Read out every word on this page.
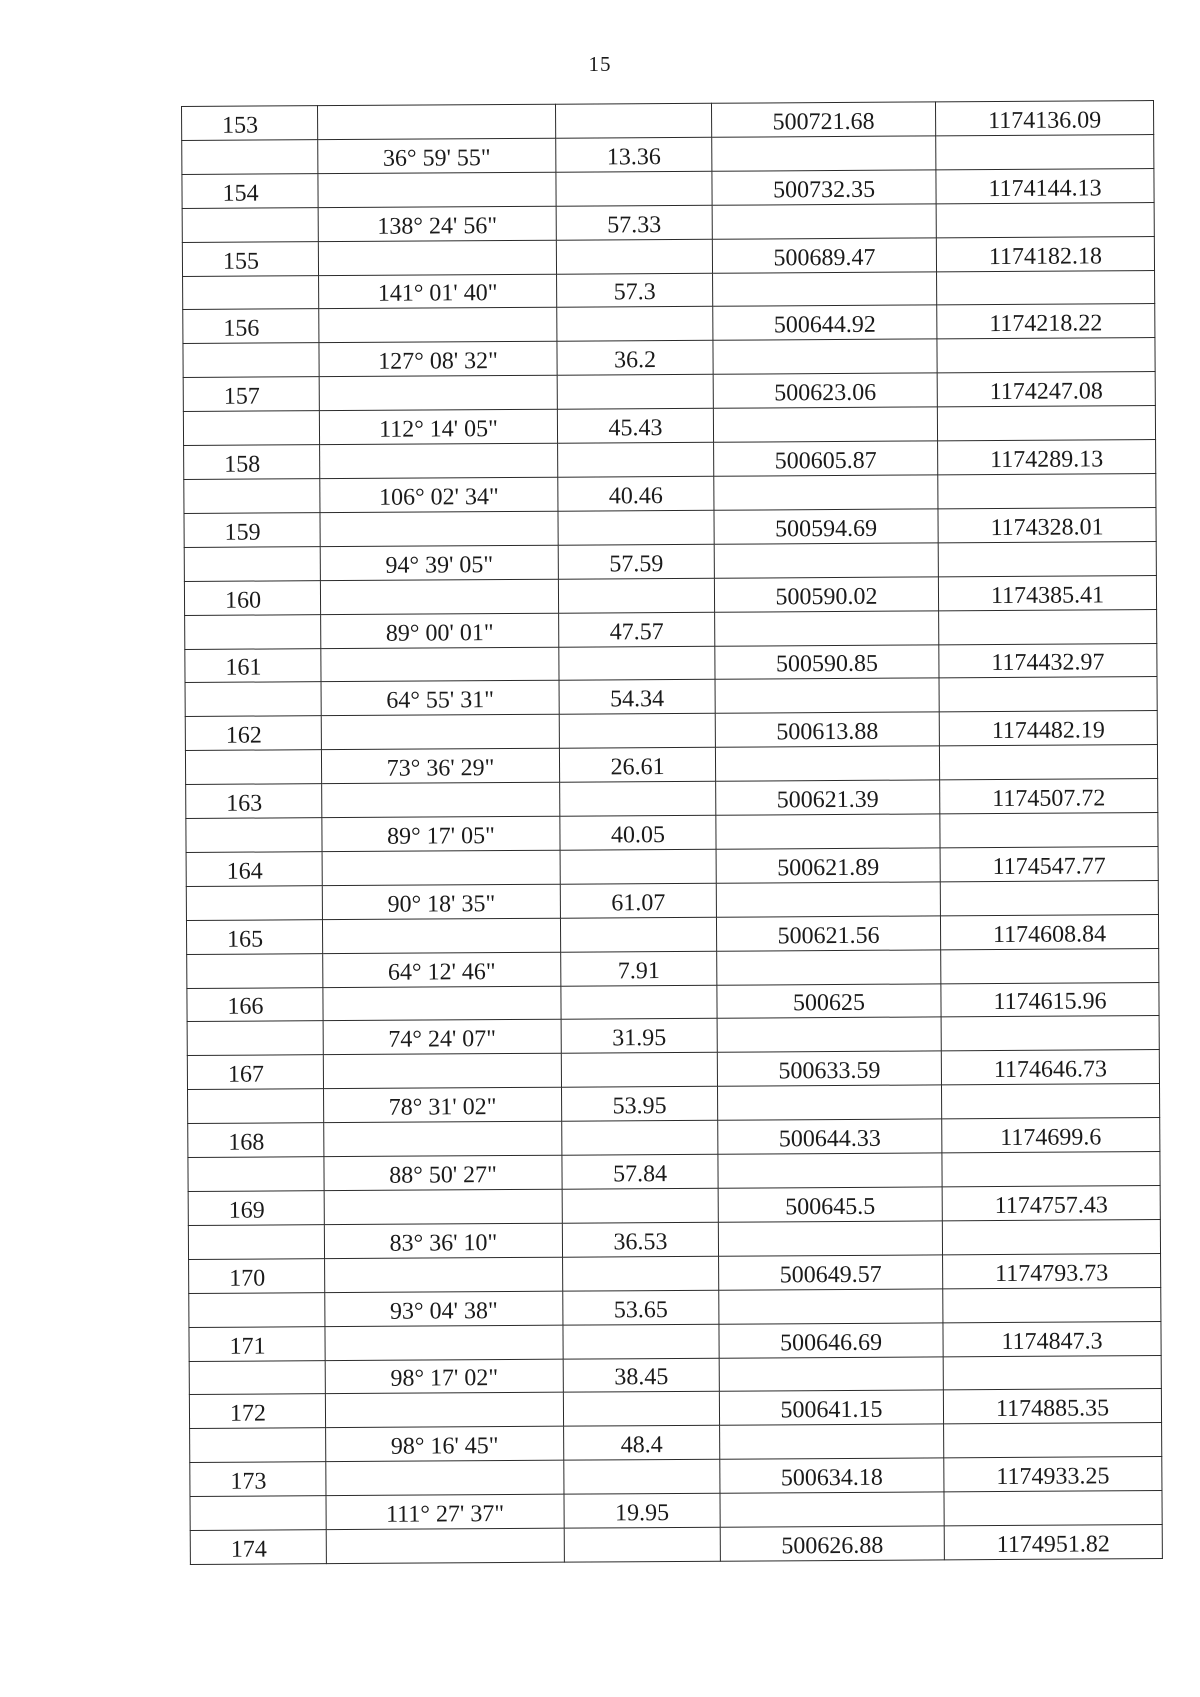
15
153			500721.68	1174136.09
	36° 59' 55"	13.36		
154			500732.35	1174144.13
	138° 24' 56"	57.33		
155			500689.47	1174182.18
	141° 01' 40"	57.3		
156			500644.92	1174218.22
	127° 08' 32"	36.2		
157			500623.06	1174247.08
	112° 14' 05"	45.43		
158			500605.87	1174289.13
	106° 02' 34"	40.46		
159			500594.69	1174328.01
	94° 39' 05"	57.59		
160			500590.02	1174385.41
	89° 00' 01"	47.57		
161			500590.85	1174432.97
	64° 55' 31"	54.34		
162			500613.88	1174482.19
	73° 36' 29"	26.61		
163			500621.39	1174507.72
	89° 17' 05"	40.05		
164			500621.89	1174547.77
	90° 18' 35"	61.07		
165			500621.56	1174608.84
	64° 12' 46"	7.91		
166			500625	1174615.96
	74° 24' 07"	31.95		
167			500633.59	1174646.73
	78° 31' 02"	53.95		
168			500644.33	1174699.6
	88° 50' 27"	57.84		
169			500645.5	1174757.43
	83° 36' 10"	36.53		
170			500649.57	1174793.73
	93° 04' 38"	53.65		
171			500646.69	1174847.3
	98° 17' 02"	38.45		
172			500641.15	1174885.35
	98° 16' 45"	48.4		
173			500634.18	1174933.25
	111° 27' 37"	19.95		
174			500626.88	1174951.82
